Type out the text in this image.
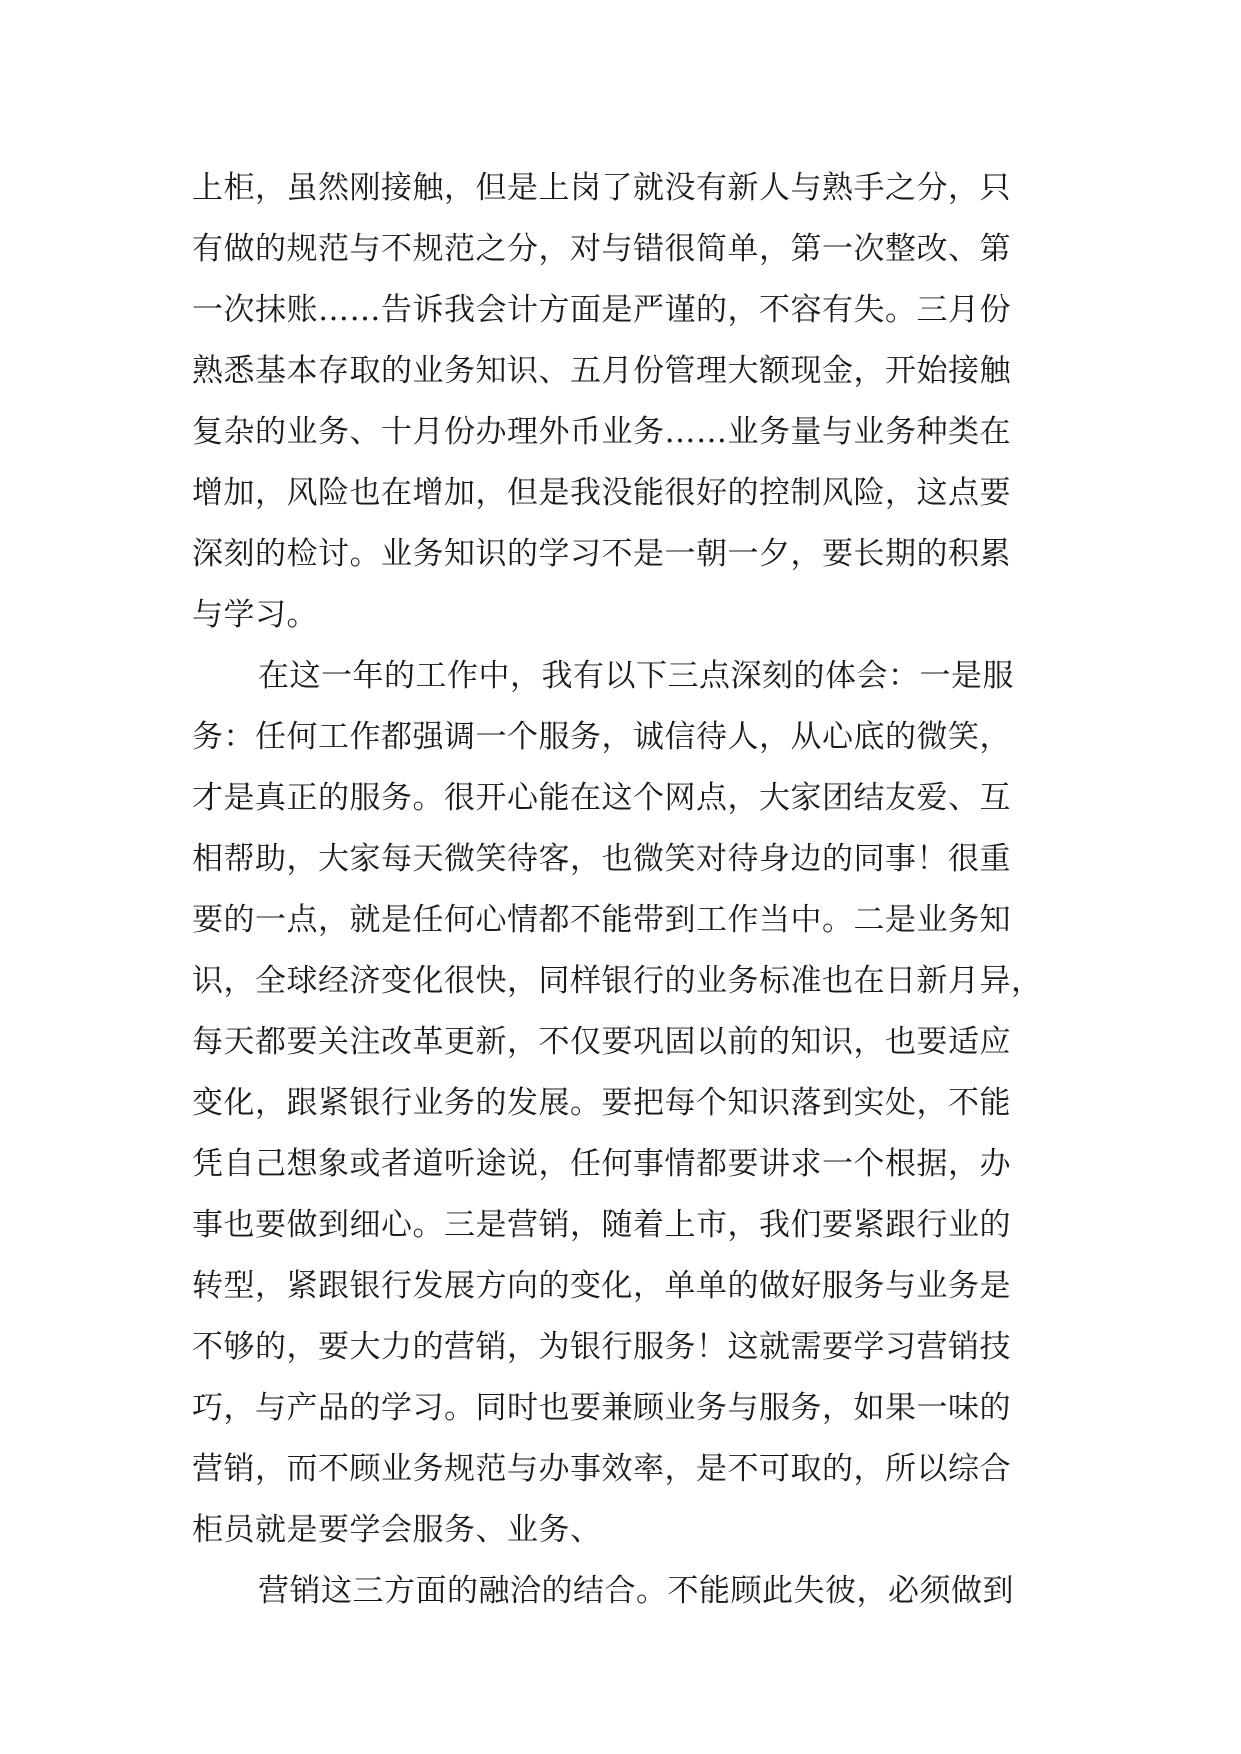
上柜，虽然刚接触，但是上岗了就没有新人与熟手之分，只
有做的规范与不规范之分，对与错很简单，第一次整改、第
一次抹账……告诉我会计方面是严谨的，不容有失。三月份
熟悉基本存取的业务知识、五月份管理大额现金，开始接触
复杂的业务、十月份办理外币业务……业务量与业务种类在
增加，风险也在增加，但是我没能很好的控制风险，这点要
深刻的检讨。业务知识的学习不是一朝一夕，要长期的积累
与学习。
在这一年的工作中，我有以下三点深刻的体会：一是服
务：任何工作都强调一个服务，诚信待人，从心底的微笑，
才是真正的服务。很开心能在这个网点，大家团结友爱、互
相帮助，大家每天微笑待客，也微笑对待身边的同事！很重
要的一点，就是任何心情都不能带到工作当中。二是业务知
识，全球经济变化很快，同样银行的业务标准也在日新月异，
每天都要关注改革更新，不仅要巩固以前的知识，也要适应
变化，跟紧银行业务的发展。要把每个知识落到实处，不能
凭自己想象或者道听途说，任何事情都要讲求一个根据，办
事也要做到细心。三是营销，随着上市，我们要紧跟行业的
转型，紧跟银行发展方向的变化，单单的做好服务与业务是
不够的，要大力的营销，为银行服务！这就需要学习营销技
巧，与产品的学习。同时也要兼顾业务与服务，如果一味的
营销，而不顾业务规范与办事效率，是不可取的，所以综合
柜员就是要学会服务、业务、
营销这三方面的融洽的结合。不能顾此失彼，必须做到
